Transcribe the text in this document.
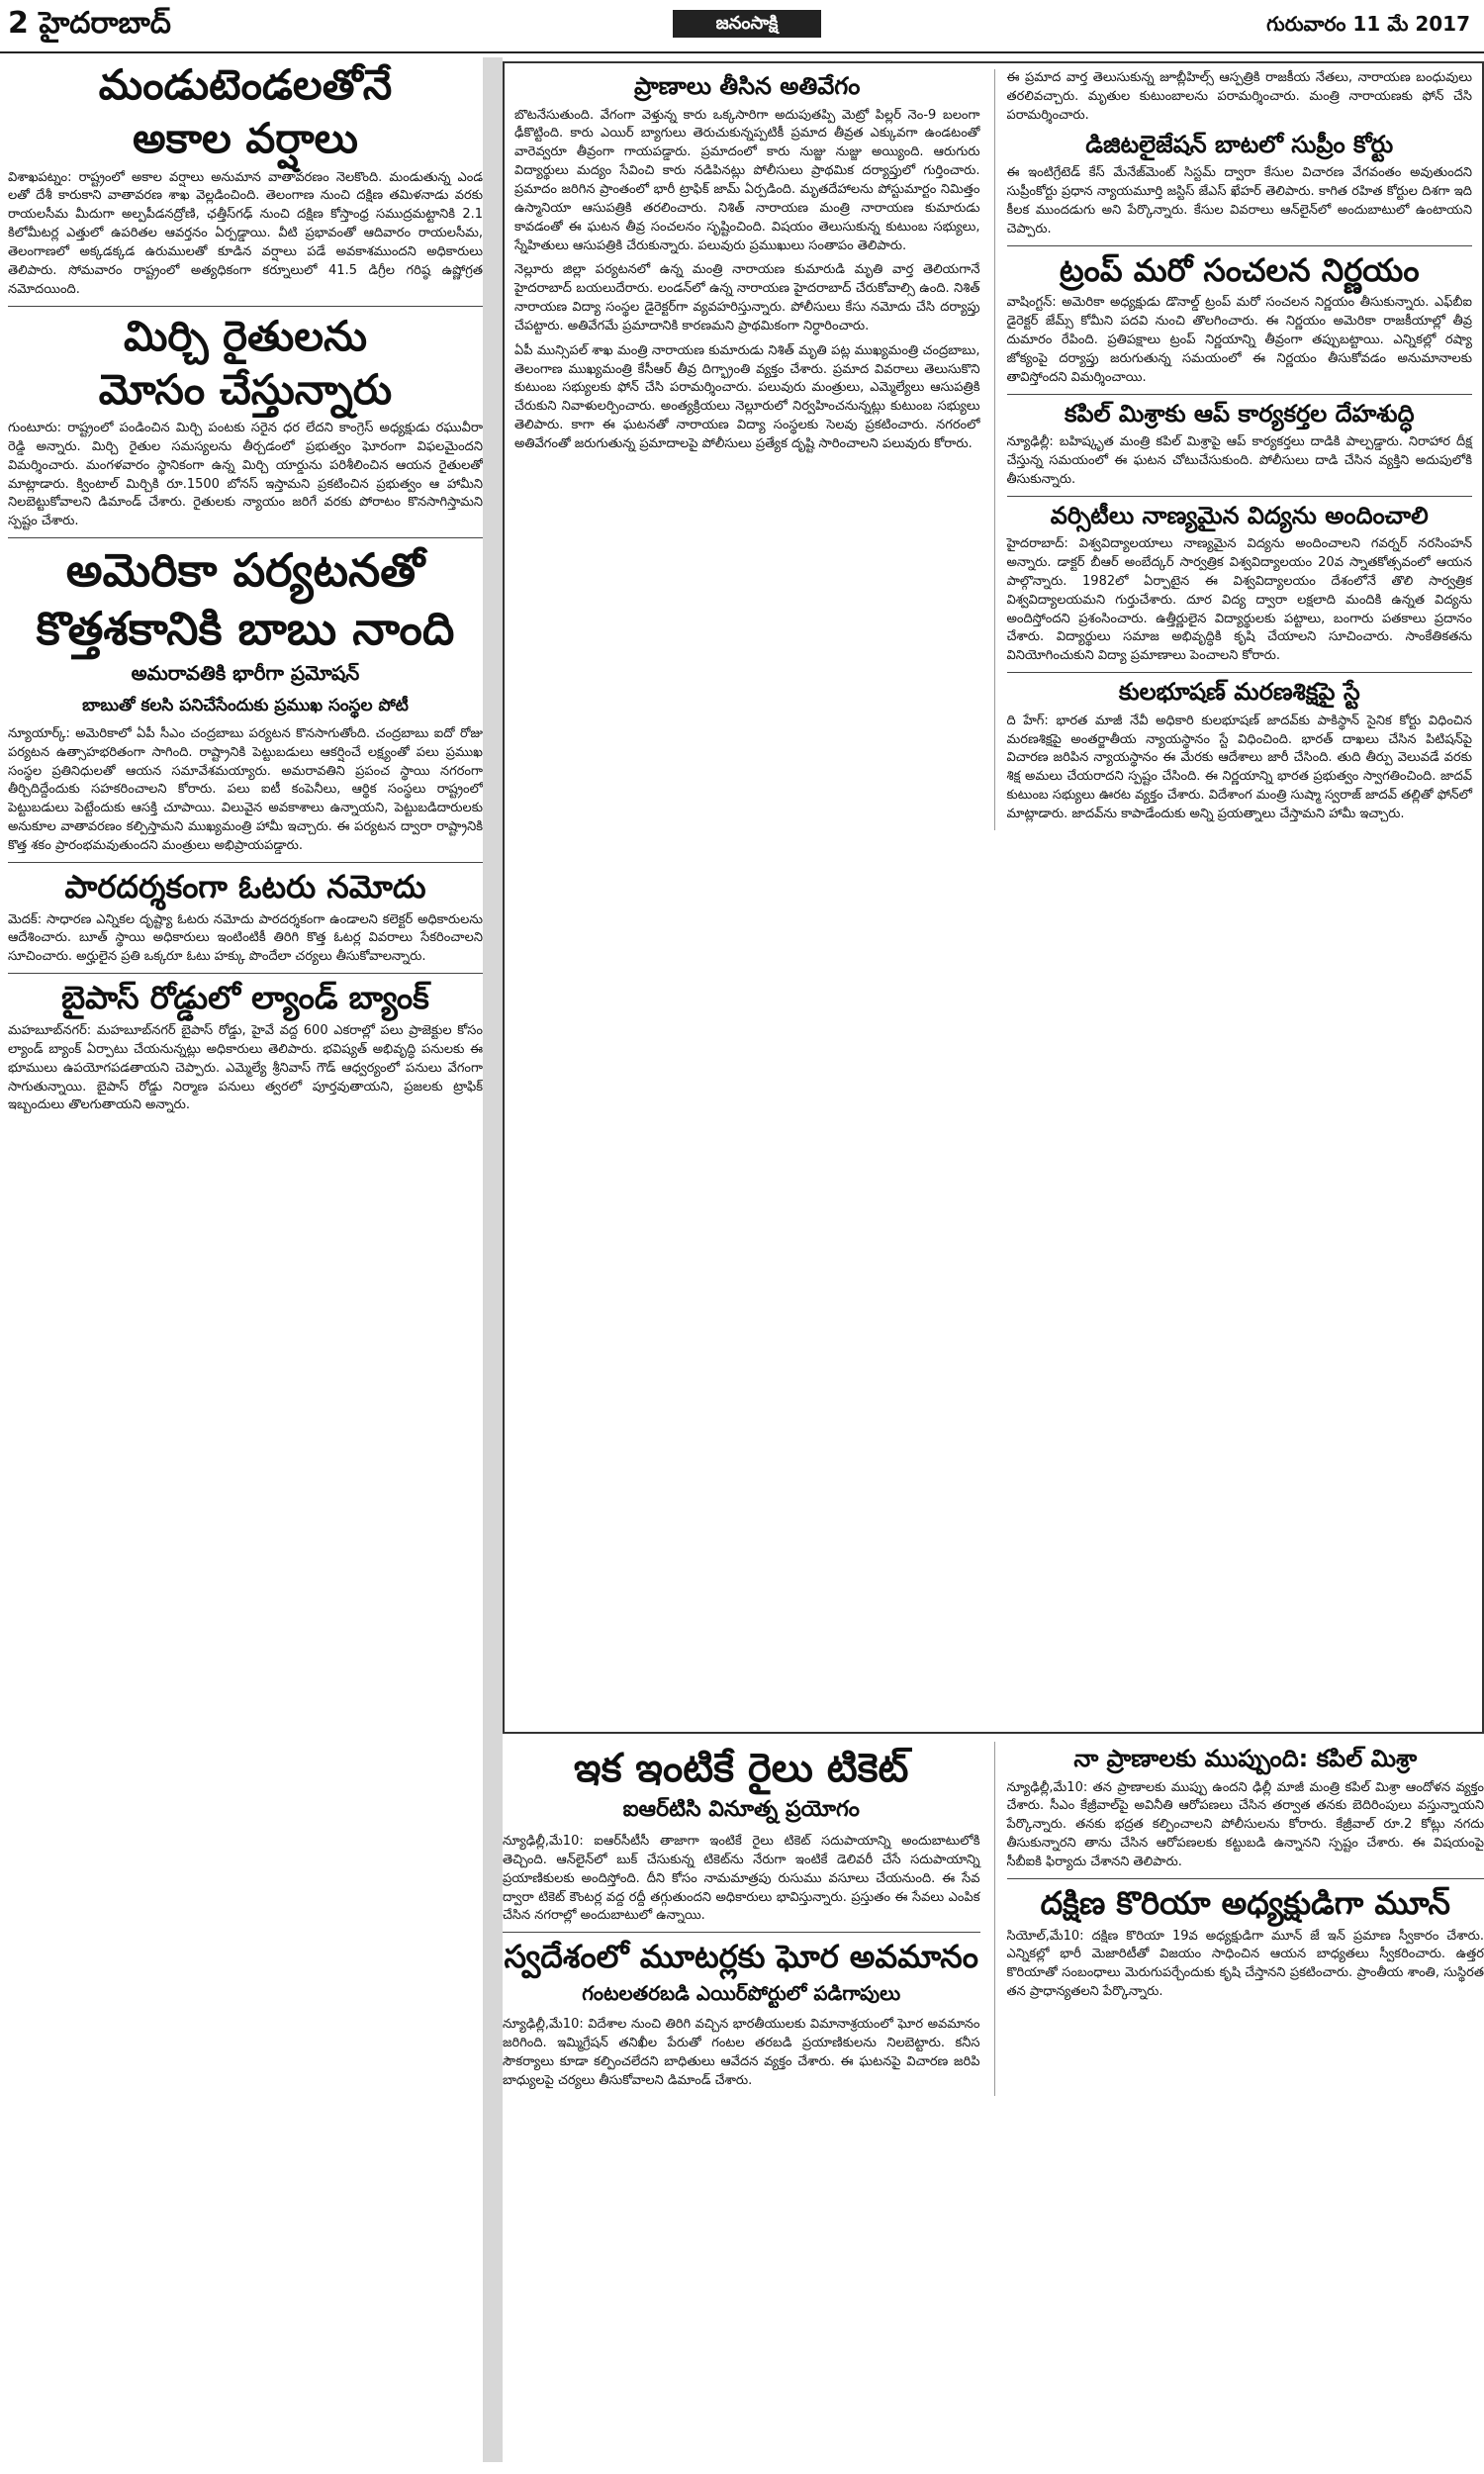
2 హైదరాబాద్	జనంసాక్షి	గురువారం 11 మే 2017
మండుటెండలతోనే
అకాల వర్షాలు

విశాఖపట్నం: రాష్ట్రంలో అకాల వర్షాలు అనుమాన వాతావరణం నెలకొంది. మండుతున్న ఎండ లతో దేశీ కారుకాని వాతావరణ శాఖ వెల్లడించింది. తెలంగాణ నుంచి దక్షిణ తమిళనాడు వరకు రాయలసీమ మీదుగా అల్పపీడనద్రోణి, ఛత్తీస్‌గఢ్ నుంచి దక్షిణ కోస్తాంధ్ర సముద్రమట్టానికి 2.1 కిలోమీటర్ల ఎత్తులో ఉపరితల ఆవర్తనం ఏర్పడ్డాయి. వీటి ప్రభావంతో ఆదివారం రాయలసీమ, తెలంగాణలో అక్కడక్కడ ఉరుములతో కూడిన వర్షాలు పడే అవకాశముందని అధికారులు తెలిపారు. సోమవారం రాష్ట్రంలో అత్యధికంగా కర్నూలులో 41.5 డిగ్రీల గరిష్ఠ ఉష్ణోగ్రత నమోదయింది.

మిర్చి రైతులను
మోసం చేస్తున్నారు

గుంటూరు: రాష్ట్రంలో పండించిన మిర్చి పంటకు సరైన ధర లేదని కాంగ్రెస్ అధ్యక్షుడు రఘువీరా రెడ్డి అన్నారు. మిర్చి రైతుల సమస్యలను తీర్చడంలో ప్రభుత్వం ఘోరంగా విఫలమైందని విమర్శించారు. మంగళవారం స్థానికంగా ఉన్న మిర్చి యార్డును పరిశీలించిన ఆయన రైతులతో మాట్లాడారు. క్వింటాల్ మిర్చికి రూ.1500 బోనస్ ఇస్తామని ప్రకటించిన ప్రభుత్వం ఆ హామీని నిలబెట్టుకోవాలని డిమాండ్ చేశారు. రైతులకు న్యాయం జరిగే వరకు పోరాటం కొనసాగిస్తామని స్పష్టం చేశారు.

అమెరికా పర్యటనతో
కొత్తశకానికి బాబు నాంది
అమరావతికి భారీగా ప్రమోషన్
బాబుతో కలసి పనిచేసేందుకు ప్రముఖ సంస్థల పోటీ

న్యూయార్క్: అమెరికాలో ఏపీ సీఎం చంద్రబాబు పర్యటన కొనసాగుతోంది. చంద్రబాబు ఐదో రోజు పర్యటన ఉత్సాహభరితంగా సాగింది. రాష్ట్రానికి పెట్టుబడులు ఆకర్షించే లక్ష్యంతో పలు ప్రముఖ సంస్థల ప్రతినిధులతో ఆయన సమావేశమయ్యారు. అమరావతిని ప్రపంచ స్థాయి నగరంగా తీర్చిదిద్దేందుకు సహకరించాలని కోరారు. పలు ఐటీ కంపెనీలు, ఆర్థిక సంస్థలు రాష్ట్రంలో పెట్టుబడులు పెట్టేందుకు ఆసక్తి చూపాయి. విలువైన అవకాశాలు ఉన్నాయని, పెట్టుబడిదారులకు అనుకూల వాతావరణం కల్పిస్తామని ముఖ్యమంత్రి హామీ ఇచ్చారు. ఈ పర్యటన ద్వారా రాష్ట్రానికి కొత్త శకం ప్రారంభమవుతుందని మంత్రులు అభిప్రాయపడ్డారు.

పారదర్శకంగా ఓటరు నమోదు

మెదక్: సాధారణ ఎన్నికల దృష్ట్యా ఓటరు నమోదు పారదర్శకంగా ఉండాలని కలెక్టర్ అధికారులను ఆదేశించారు. బూత్ స్థాయి అధికారులు ఇంటింటికీ తిరిగి కొత్త ఓటర్ల వివరాలు సేకరించాలని సూచించారు. అర్హులైన ప్రతి ఒక్కరూ ఓటు హక్కు పొందేలా చర్యలు తీసుకోవాలన్నారు.

బైపాస్ రోడ్డులో ల్యాండ్ బ్యాంక్

మహబూబ్‌నగర్: మహబూబ్‌నగర్ బైపాస్ రోడ్డు, హైవే వద్ద 600 ఎకరాల్లో పలు ప్రాజెక్టుల కోసం ల్యాండ్ బ్యాంక్ ఏర్పాటు చేయనున్నట్లు అధికారులు తెలిపారు. భవిష్యత్ అభివృద్ధి పనులకు ఈ భూములు ఉపయోగపడతాయని చెప్పారు. ఎమ్మెల్యే శ్రీనివాస్ గౌడ్ ఆధ్వర్యంలో పనులు వేగంగా సాగుతున్నాయి. బైపాస్ రోడ్డు నిర్మాణ పనులు త్వరలో పూర్తవుతాయని, ప్రజలకు ట్రాఫిక్ ఇబ్బందులు తొలగుతాయని అన్నారు.

ప్రాణాలు తీసిన అతివేగం

బొటనేసుతుంది. వేగంగా వెళ్తున్న కారు ఒక్కసారిగా అదుపుతప్పి మెట్రో పిల్లర్ నెం-9 బలంగా ఢీకొట్టింది. కారు ఎయిర్ బ్యాగులు తెరుచుకున్నప్పటికీ ప్రమాద తీవ్రత ఎక్కువగా ఉండటంతో వారెవ్వరూ తీవ్రంగా గాయపడ్డారు. ప్రమాదంలో కారు నుజ్జు నుజ్జు అయ్యింది. ఆరుగురు విద్యార్థులు మద్యం సేవించి కారు నడిపినట్లు పోలీసులు ప్రాథమిక దర్యాప్తులో గుర్తించారు. ప్రమాదం జరిగిన ప్రాంతంలో భారీ ట్రాఫిక్ జామ్ ఏర్పడింది. మృతదేహాలను పోస్టుమార్టం నిమిత్తం ఉస్మానియా ఆసుపత్రికి తరలించారు. నిశిత్ నారాయణ మంత్రి నారాయణ కుమారుడు కావడంతో ఈ ఘటన తీవ్ర సంచలనం సృష్టించింది. విషయం తెలుసుకున్న కుటుంబ సభ్యులు, స్నేహితులు ఆసుపత్రికి చేరుకున్నారు. పలువురు ప్రముఖులు సంతాపం తెలిపారు.

నెల్లూరు జిల్లా పర్యటనలో ఉన్న మంత్రి నారాయణ కుమారుడి మృతి వార్త తెలియగానే హైదరాబాద్ బయలుదేరారు. లండన్‌లో ఉన్న నారాయణ హైదరాబాద్ చేరుకోవాల్సి ఉంది. నిశిత్ నారాయణ విద్యా సంస్థల డైరెక్టర్‌గా వ్యవహరిస్తున్నారు. పోలీసులు కేసు నమోదు చేసి దర్యాప్తు చేపట్టారు. అతివేగమే ప్రమాదానికి కారణమని ప్రాథమికంగా నిర్ధారించారు.

ఏపీ మున్సిపల్ శాఖ మంత్రి నారాయణ కుమారుడు నిశిత్ మృతి పట్ల ముఖ్యమంత్రి చంద్రబాబు, తెలంగాణ ముఖ్యమంత్రి కేసీఆర్ తీవ్ర దిగ్భ్రాంతి వ్యక్తం చేశారు. ప్రమాద వివరాలు తెలుసుకొని కుటుంబ సభ్యులకు ఫోన్ చేసి పరామర్శించారు. పలువురు మంత్రులు, ఎమ్మెల్యేలు ఆసుపత్రికి చేరుకుని నివాళులర్పించారు. అంత్యక్రియలు నెల్లూరులో నిర్వహించనున్నట్లు కుటుంబ సభ్యులు తెలిపారు. కాగా ఈ ఘటనతో నారాయణ విద్యా సంస్థలకు సెలవు ప్రకటించారు. నగరంలో అతివేగంతో జరుగుతున్న ప్రమాదాలపై పోలీసులు ప్రత్యేక దృష్టి సారించాలని పలువురు కోరారు.

ఈ ప్రమాద వార్త తెలుసుకున్న జూబ్లీహిల్స్ ఆస్పత్రికి రాజకీయ నేతలు, నారాయణ బంధువులు తరలివచ్చారు. మృతుల కుటుంబాలను పరామర్శించారు. మంత్రి నారాయణకు ఫోన్ చేసి పరామర్శించారు.

డిజిటలైజేషన్ బాటలో సుప్రీం కోర్టు

ఈ ఇంటిగ్రేటెడ్ కేస్ మేనేజ్‌మెంట్ సిస్టమ్ ద్వారా కేసుల విచారణ వేగవంతం అవుతుందని సుప్రీంకోర్టు ప్రధాన న్యాయమూర్తి జస్టిస్ జేఎస్ ఖేహర్ తెలిపారు. కాగిత రహిత కోర్టుల దిశగా ఇది కీలక ముందడుగు అని పేర్కొన్నారు. కేసుల వివరాలు ఆన్‌లైన్‌లో అందుబాటులో ఉంటాయని చెప్పారు.

ట్రంప్ మరో సంచలన నిర్ణయం

వాషింగ్టన్: అమెరికా అధ్యక్షుడు డొనాల్డ్ ట్రంప్ మరో సంచలన నిర్ణయం తీసుకున్నారు. ఎఫ్‌బీఐ డైరెక్టర్ జేమ్స్ కోమీని పదవి నుంచి తొలగించారు. ఈ నిర్ణయం అమెరికా రాజకీయాల్లో తీవ్ర దుమారం రేపింది. ప్రతిపక్షాలు ట్రంప్ నిర్ణయాన్ని తీవ్రంగా తప్పుబట్టాయి. ఎన్నికల్లో రష్యా జోక్యంపై దర్యాప్తు జరుగుతున్న సమయంలో ఈ నిర్ణయం తీసుకోవడం అనుమానాలకు తావిస్తోందని విమర్శించాయి.

కపిల్ మిశ్రాకు ఆప్ కార్యకర్తల దేహశుద్ధి

న్యూఢిల్లీ: బహిష్కృత మంత్రి కపిల్ మిశ్రాపై ఆప్ కార్యకర్తలు దాడికి పాల్పడ్డారు. నిరాహార దీక్ష చేస్తున్న సమయంలో ఈ ఘటన చోటుచేసుకుంది. పోలీసులు దాడి చేసిన వ్యక్తిని అదుపులోకి తీసుకున్నారు.

వర్సిటీలు నాణ్యమైన విద్యను అందించాలి

హైదరాబాద్: విశ్వవిద్యాలయాలు నాణ్యమైన విద్యను అందించాలని గవర్నర్ నరసింహన్ అన్నారు. డాక్టర్ బీఆర్ అంబేద్కర్ సార్వత్రిక విశ్వవిద్యాలయం 20వ స్నాతకోత్సవంలో ఆయన పాల్గొన్నారు. 1982లో ఏర్పాటైన ఈ విశ్వవిద్యాలయం దేశంలోనే తొలి సార్వత్రిక విశ్వవిద్యాలయమని గుర్తుచేశారు. దూర విద్య ద్వారా లక్షలాది మందికి ఉన్నత విద్యను అందిస్తోందని ప్రశంసించారు. ఉత్తీర్ణులైన విద్యార్థులకు పట్టాలు, బంగారు పతకాలు ప్రదానం చేశారు. విద్యార్థులు సమాజ అభివృద్ధికి కృషి చేయాలని సూచించారు. సాంకేతికతను వినియోగించుకుని విద్యా ప్రమాణాలు పెంచాలని కోరారు.

కులభూషణ్ మరణశిక్షపై స్టే

ది హేగ్: భారత మాజీ నేవీ అధికారి కులభూషణ్ జాదవ్‌కు పాకిస్థాన్ సైనిక కోర్టు విధించిన మరణశిక్షపై అంతర్జాతీయ న్యాయస్థానం స్టే విధించింది. భారత్ దాఖలు చేసిన పిటిషన్‌పై విచారణ జరిపిన న్యాయస్థానం ఈ మేరకు ఆదేశాలు జారీ చేసింది. తుది తీర్పు వెలువడే వరకు శిక్ష అమలు చేయరాదని స్పష్టం చేసింది. ఈ నిర్ణయాన్ని భారత ప్రభుత్వం స్వాగతించింది. జాదవ్ కుటుంబ సభ్యులు ఊరట వ్యక్తం చేశారు. విదేశాంగ మంత్రి సుష్మా స్వరాజ్ జాదవ్ తల్లితో ఫోన్‌లో మాట్లాడారు. జాదవ్‌ను కాపాడేందుకు అన్ని ప్రయత్నాలు చేస్తామని హామీ ఇచ్చారు.

ఇక ఇంటికే రైలు టికెట్
ఐఆర్‌టిసి వినూత్న ప్రయోగం

న్యూఢిల్లీ,మే10: ఐఆర్‌సీటీసీ తాజాగా ఇంటికే రైలు టికెట్ సదుపాయాన్ని అందుబాటులోకి తెచ్చింది. ఆన్‌లైన్‌లో బుక్ చేసుకున్న టికెట్‌ను నేరుగా ఇంటికే డెలివరీ చేసే సదుపాయాన్ని ప్రయాణికులకు అందిస్తోంది. దీని కోసం నామమాత్రపు రుసుము వసూలు చేయనుంది. ఈ సేవ ద్వారా టికెట్ కౌంటర్ల వద్ద రద్దీ తగ్గుతుందని అధికారులు భావిస్తున్నారు. ప్రస్తుతం ఈ సేవలు ఎంపిక చేసిన నగరాల్లో అందుబాటులో ఉన్నాయి.

స్వదేశంలో మూటర్లకు ఘోర అవమానం
గంటలతరబడి ఎయిర్‌పోర్టులో పడిగాపులు

న్యూఢిల్లీ,మే10: విదేశాల నుంచి తిరిగి వచ్చిన భారతీయులకు విమానాశ్రయంలో ఘోర అవమానం జరిగింది. ఇమ్మిగ్రేషన్ తనిఖీల పేరుతో గంటల తరబడి ప్రయాణికులను నిలబెట్టారు. కనీస సౌకర్యాలు కూడా కల్పించలేదని బాధితులు ఆవేదన వ్యక్తం చేశారు. ఈ ఘటనపై విచారణ జరిపి బాధ్యులపై చర్యలు తీసుకోవాలని డిమాండ్ చేశారు.

నా ప్రాణాలకు ముప్పుంది: కపిల్ మిశ్రా

న్యూఢిల్లీ,మే10: తన ప్రాణాలకు ముప్పు ఉందని ఢిల్లీ మాజీ మంత్రి కపిల్ మిశ్రా ఆందోళన వ్యక్తం చేశారు. సీఎం కేజ్రీవాల్‌పై అవినీతి ఆరోపణలు చేసిన తర్వాత తనకు బెదిరింపులు వస్తున్నాయని పేర్కొన్నారు. తనకు భద్రత కల్పించాలని పోలీసులను కోరారు. కేజ్రీవాల్ రూ.2 కోట్లు నగదు తీసుకున్నారని తాను చేసిన ఆరోపణలకు కట్టుబడి ఉన్నానని స్పష్టం చేశారు. ఈ విషయంపై సీబీఐకి ఫిర్యాదు చేశానని తెలిపారు.

దక్షిణ కొరియా అధ్యక్షుడిగా మూన్

సియోల్,మే10: దక్షిణ కొరియా 19వ అధ్యక్షుడిగా మూన్ జే ఇన్ ప్రమాణ స్వీకారం చేశారు. ఎన్నికల్లో భారీ మెజారిటీతో విజయం సాధించిన ఆయన బాధ్యతలు స్వీకరించారు. ఉత్తర కొరియాతో సంబంధాలు మెరుగుపర్చేందుకు కృషి చేస్తానని ప్రకటించారు. ప్రాంతీయ శాంతి, సుస్థిరత తన ప్రాధాన్యతలని పేర్కొన్నారు.
